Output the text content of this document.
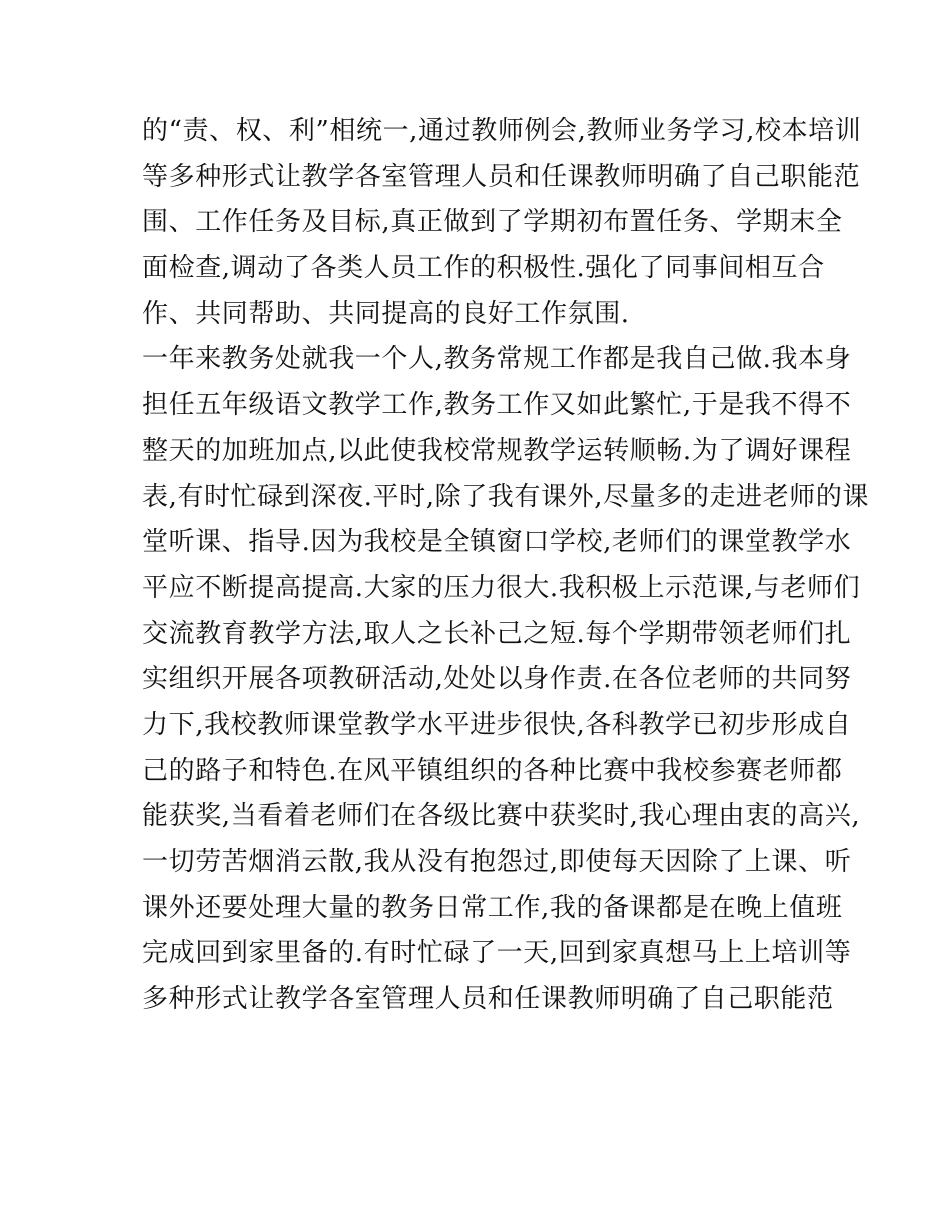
的“责、权、利”相统一,通过教师例会,教师业务学习,校本培训
等多种形式让教学各室管理人员和任课教师明确了自己职能范
围、工作任务及目标,真正做到了学期初布置任务、学期末全
面检查,调动了各类人员工作的积极性.强化了同事间相互合
作、共同帮助、共同提高的良好工作氛围.
一年来教务处就我一个人,教务常规工作都是我自己做.我本身
担任五年级语文教学工作,教务工作又如此繁忙,于是我不得不
整天的加班加点,以此使我校常规教学运转顺畅.为了调好课程
表,有时忙碌到深夜.平时,除了我有课外,尽量多的走进老师的课
堂听课、指导.因为我校是全镇窗口学校,老师们的课堂教学水
平应不断提高提高.大家的压力很大.我积极上示范课,与老师们
交流教育教学方法,取人之长补己之短.每个学期带领老师们扎
实组织开展各项教研活动,处处以身作责.在各位老师的共同努
力下,我校教师课堂教学水平进步很快,各科教学已初步形成自
己的路子和特色.在风平镇组织的各种比赛中我校参赛老师都
能获奖,当看着老师们在各级比赛中获奖时,我心理由衷的高兴,
一切劳苦烟消云散,我从没有抱怨过,即使每天因除了上课、听
课外还要处理大量的教务日常工作,我的备课都是在晚上值班
完成回到家里备的.有时忙碌了一天,回到家真想马上上培训等
多种形式让教学各室管理人员和任课教师明确了自己职能范
